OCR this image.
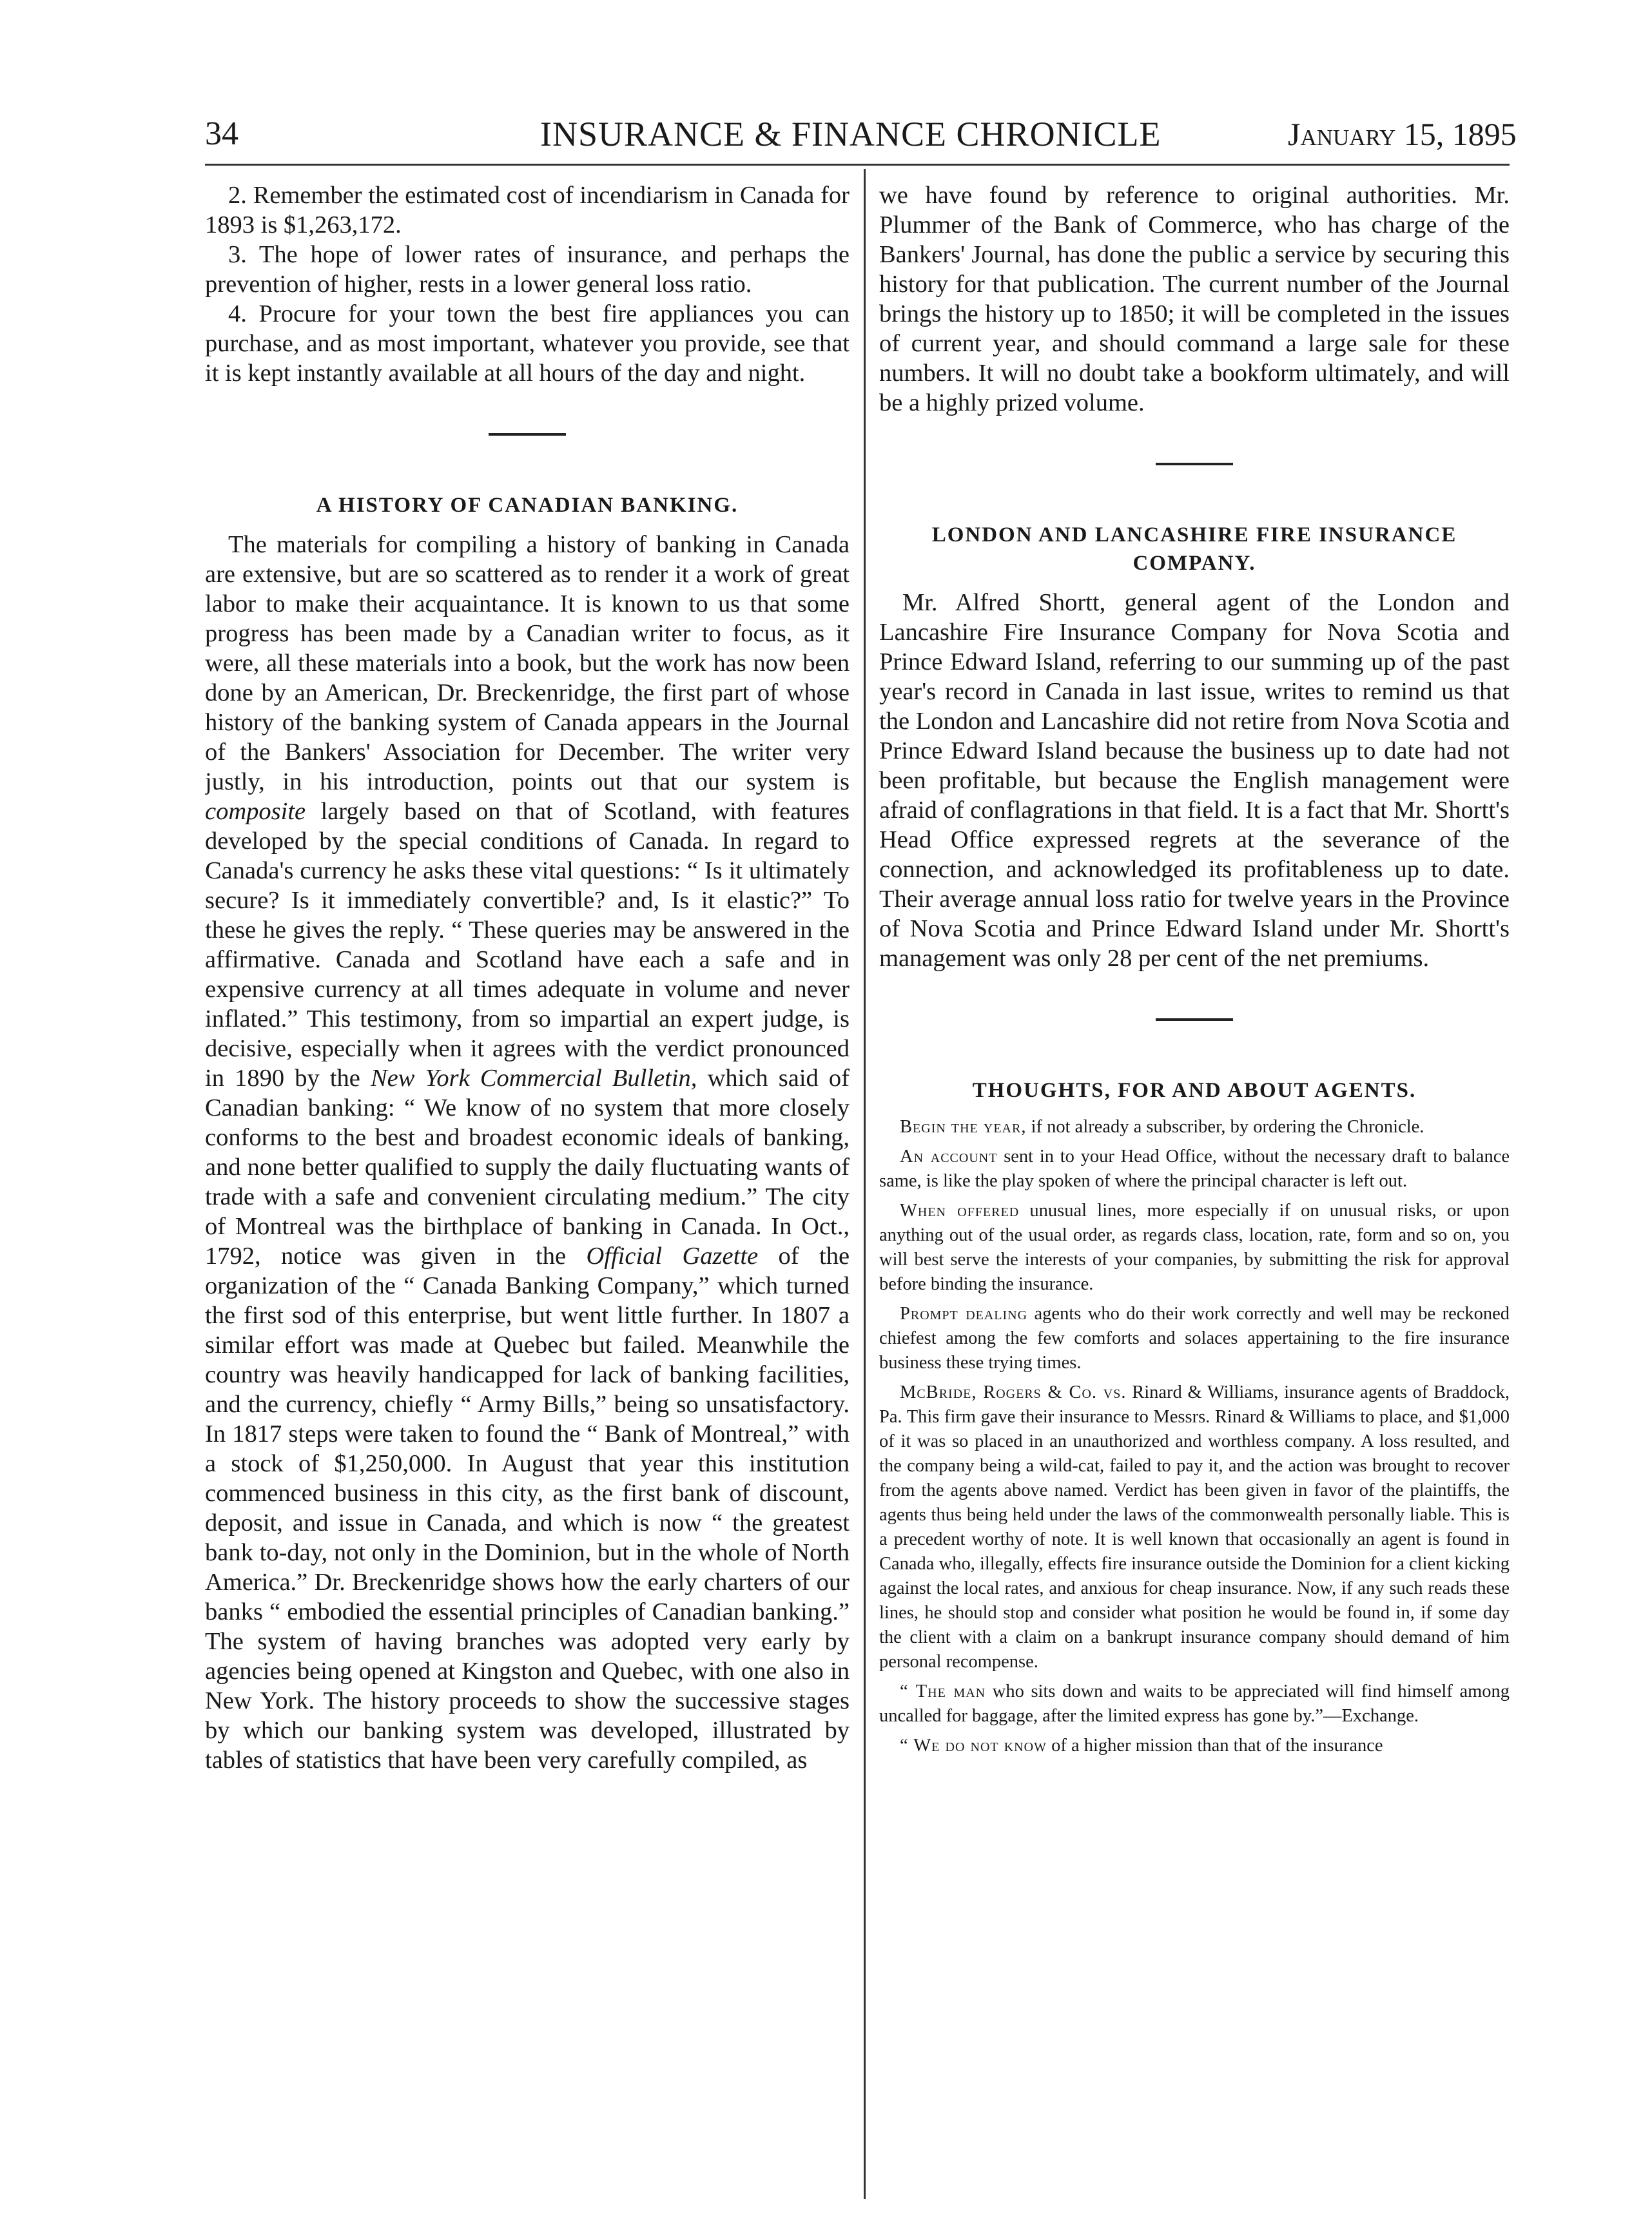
34	INSURANCE & FINANCE CHRONICLE	January 15, 1895

2. Remember the estimated cost of incendiarism in Canada for 1893 is $1,263,172.

3. The hope of lower rates of insurance, and perhaps the prevention of higher, rests in a lower general loss ratio.

4. Procure for your town the best fire appliances you can purchase, and as most important, whatever you provide, see that it is kept instantly available at all hours of the day and night.

A HISTORY OF CANADIAN BANKING.

The materials for compiling a history of banking in Canada are extensive, but are so scattered as to render it a work of great labor to make their acquaintance. It is known to us that some progress has been made by a Canadian writer to focus, as it were, all these materials into a book, but the work has now been done by an American, Dr. Breckenridge, the first part of whose history of the banking system of Canada appears in the Journal of the Bankers' Association for December. The writer very justly, in his introduction, points out that our system is composite largely based on that of Scotland, with features developed by the special conditions of Canada. In regard to Canada's currency he asks these vital questions: “ Is it ultimately secure? Is it immediately convertible? and, Is it elastic?” To these he gives the reply. “ These queries may be answered in the affirmative. Canada and Scotland have each a safe and in expensive currency at all times adequate in volume and never inflated.” This testimony, from so impartial an expert judge, is decisive, especially when it agrees with the verdict pronounced in 1890 by the New York Commercial Bulletin, which said of Canadian banking: “ We know of no system that more closely conforms to the best and broadest economic ideals of banking, and none better qualified to supply the daily fluctuating wants of trade with a safe and convenient circulating medium.” The city of Montreal was the birthplace of banking in Canada. In Oct., 1792, notice was given in the Official Gazette of the organization of the “ Canada Banking Company,” which turned the first sod of this enterprise, but went little further. In 1807 a similar effort was made at Quebec but failed. Meanwhile the country was heavily handicapped for lack of banking facilities, and the currency, chiefly “ Army Bills,” being so unsatisfactory. In 1817 steps were taken to found the “ Bank of Montreal,” with a stock of $1,250,000. In August that year this institution commenced business in this city, as the first bank of discount, deposit, and issue in Canada, and which is now “ the greatest bank to-day, not only in the Dominion, but in the whole of North America.” Dr. Breckenridge shows how the early charters of our banks “ embodied the essential principles of Canadian banking.” The system of having branches was adopted very early by agencies being opened at Kingston and Quebec, with one also in New York. The history proceeds to show the successive stages by which our banking system was developed, illustrated by tables of statistics that have been very carefully compiled, as

we have found by reference to original authorities. Mr. Plummer of the Bank of Commerce, who has charge of the Bankers' Journal, has done the public a service by securing this history for that publication. The current number of the Journal brings the history up to 1850; it will be completed in the issues of current year, and should command a large sale for these numbers. It will no doubt take a bookform ultimately, and will be a highly prized volume.

LONDON AND LANCASHIRE FIRE INSURANCE COMPANY.

Mr. Alfred Shortt, general agent of the London and Lancashire Fire Insurance Company for Nova Scotia and Prince Edward Island, referring to our summing up of the past year's record in Canada in last issue, writes to remind us that the London and Lancashire did not retire from Nova Scotia and Prince Edward Island because the business up to date had not been profitable, but because the English management were afraid of conflagrations in that field. It is a fact that Mr. Shortt's Head Office expressed regrets at the severance of the connection, and acknowledged its profitableness up to date. Their average annual loss ratio for twelve years in the Province of Nova Scotia and Prince Edward Island under Mr. Shortt's management was only 28 per cent of the net premiums.

THOUGHTS, FOR AND ABOUT AGENTS.

Begin the year, if not already a subscriber, by ordering the Chronicle.

An account sent in to your Head Office, without the necessary draft to balance same, is like the play spoken of where the principal character is left out.

When offered unusual lines, more especially if on unusual risks, or upon anything out of the usual order, as regards class, location, rate, form and so on, you will best serve the interests of your companies, by submitting the risk for approval before binding the insurance.

Prompt dealing agents who do their work correctly and well may be reckoned chiefest among the few comforts and solaces appertaining to the fire insurance business these trying times.

McBride, Rogers & Co. vs. Rinard & Williams, insurance agents of Braddock, Pa. This firm gave their insurance to Messrs. Rinard & Williams to place, and $1,000 of it was so placed in an unauthorized and worthless company. A loss resulted, and the company being a wild-cat, failed to pay it, and the action was brought to recover from the agents above named. Verdict has been given in favor of the plaintiffs, the agents thus being held under the laws of the commonwealth personally liable. This is a precedent worthy of note. It is well known that occasionally an agent is found in Canada who, illegally, effects fire insurance outside the Dominion for a client kicking against the local rates, and anxious for cheap insurance. Now, if any such reads these lines, he should stop and consider what position he would be found in, if some day the client with a claim on a bankrupt insurance company should demand of him personal recompense.

“ The man who sits down and waits to be appreciated will find himself among uncalled for baggage, after the limited express has gone by.”—Exchange.

“ We do not know of a higher mission than that of the insurance
